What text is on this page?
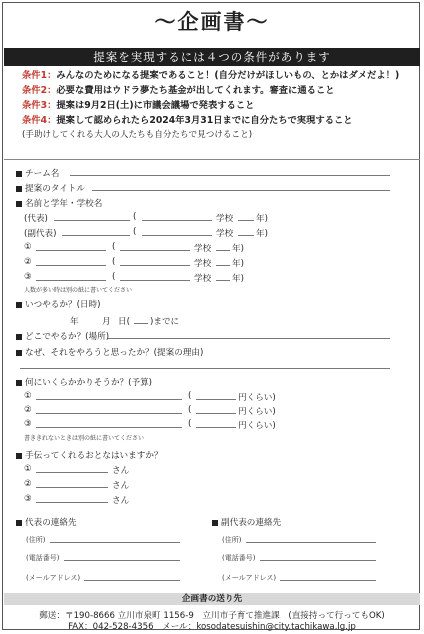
〜企画書〜
提案を実現するには４つの条件があります
条件1：みんなのためになる提案であること！(自分だけがほしいもの、とかはダメだよ！)
条件2：必要な費用はウドラ夢たち基金が出してくれます。審査に通ること
条件3：提案は9月2日(土)に市議会議場で発表すること
条件4：提案して認められたら2024年3月31日までに自分たちで実現すること
(手助けしてくれる大人の人たちも自分たちで見つけること)
チーム名
提案のタイトル
名前と学年・学校名
(代表)	(	学校	年)
(副代表)	(	学校	年)
①	(	学校 年)
②	(	学校 年)
③	(	学校 年)
人数が多い時は別の紙に書いてください
いつやるか？(日時)
年	月 日( )までに
どこでやるか？(場所)
なぜ、それをやろうと思ったか？(提案の理由)
何にいくらかかりそうか？(予算)
①	(	円くらい)
②	(	円くらい)
③	(	円くらい)
書ききれないときは別の紙に書いてください
手伝ってくれるおとなはいますか？
①	さん
②	さん
③	さん
代表の連絡先	副代表の連絡先
(住所)	(住所)
(電話番号)	(電話番号)
(メールアドレス)	(メールアドレス)
企画書の送り先
郵送：〒190-8666 立川市泉町 1156-9　立川市子育て推進課　(直接持って行ってもOK)
FAX：042-528-4356　メール：kosodatesuishin@city.tachikawa.lg.jp
